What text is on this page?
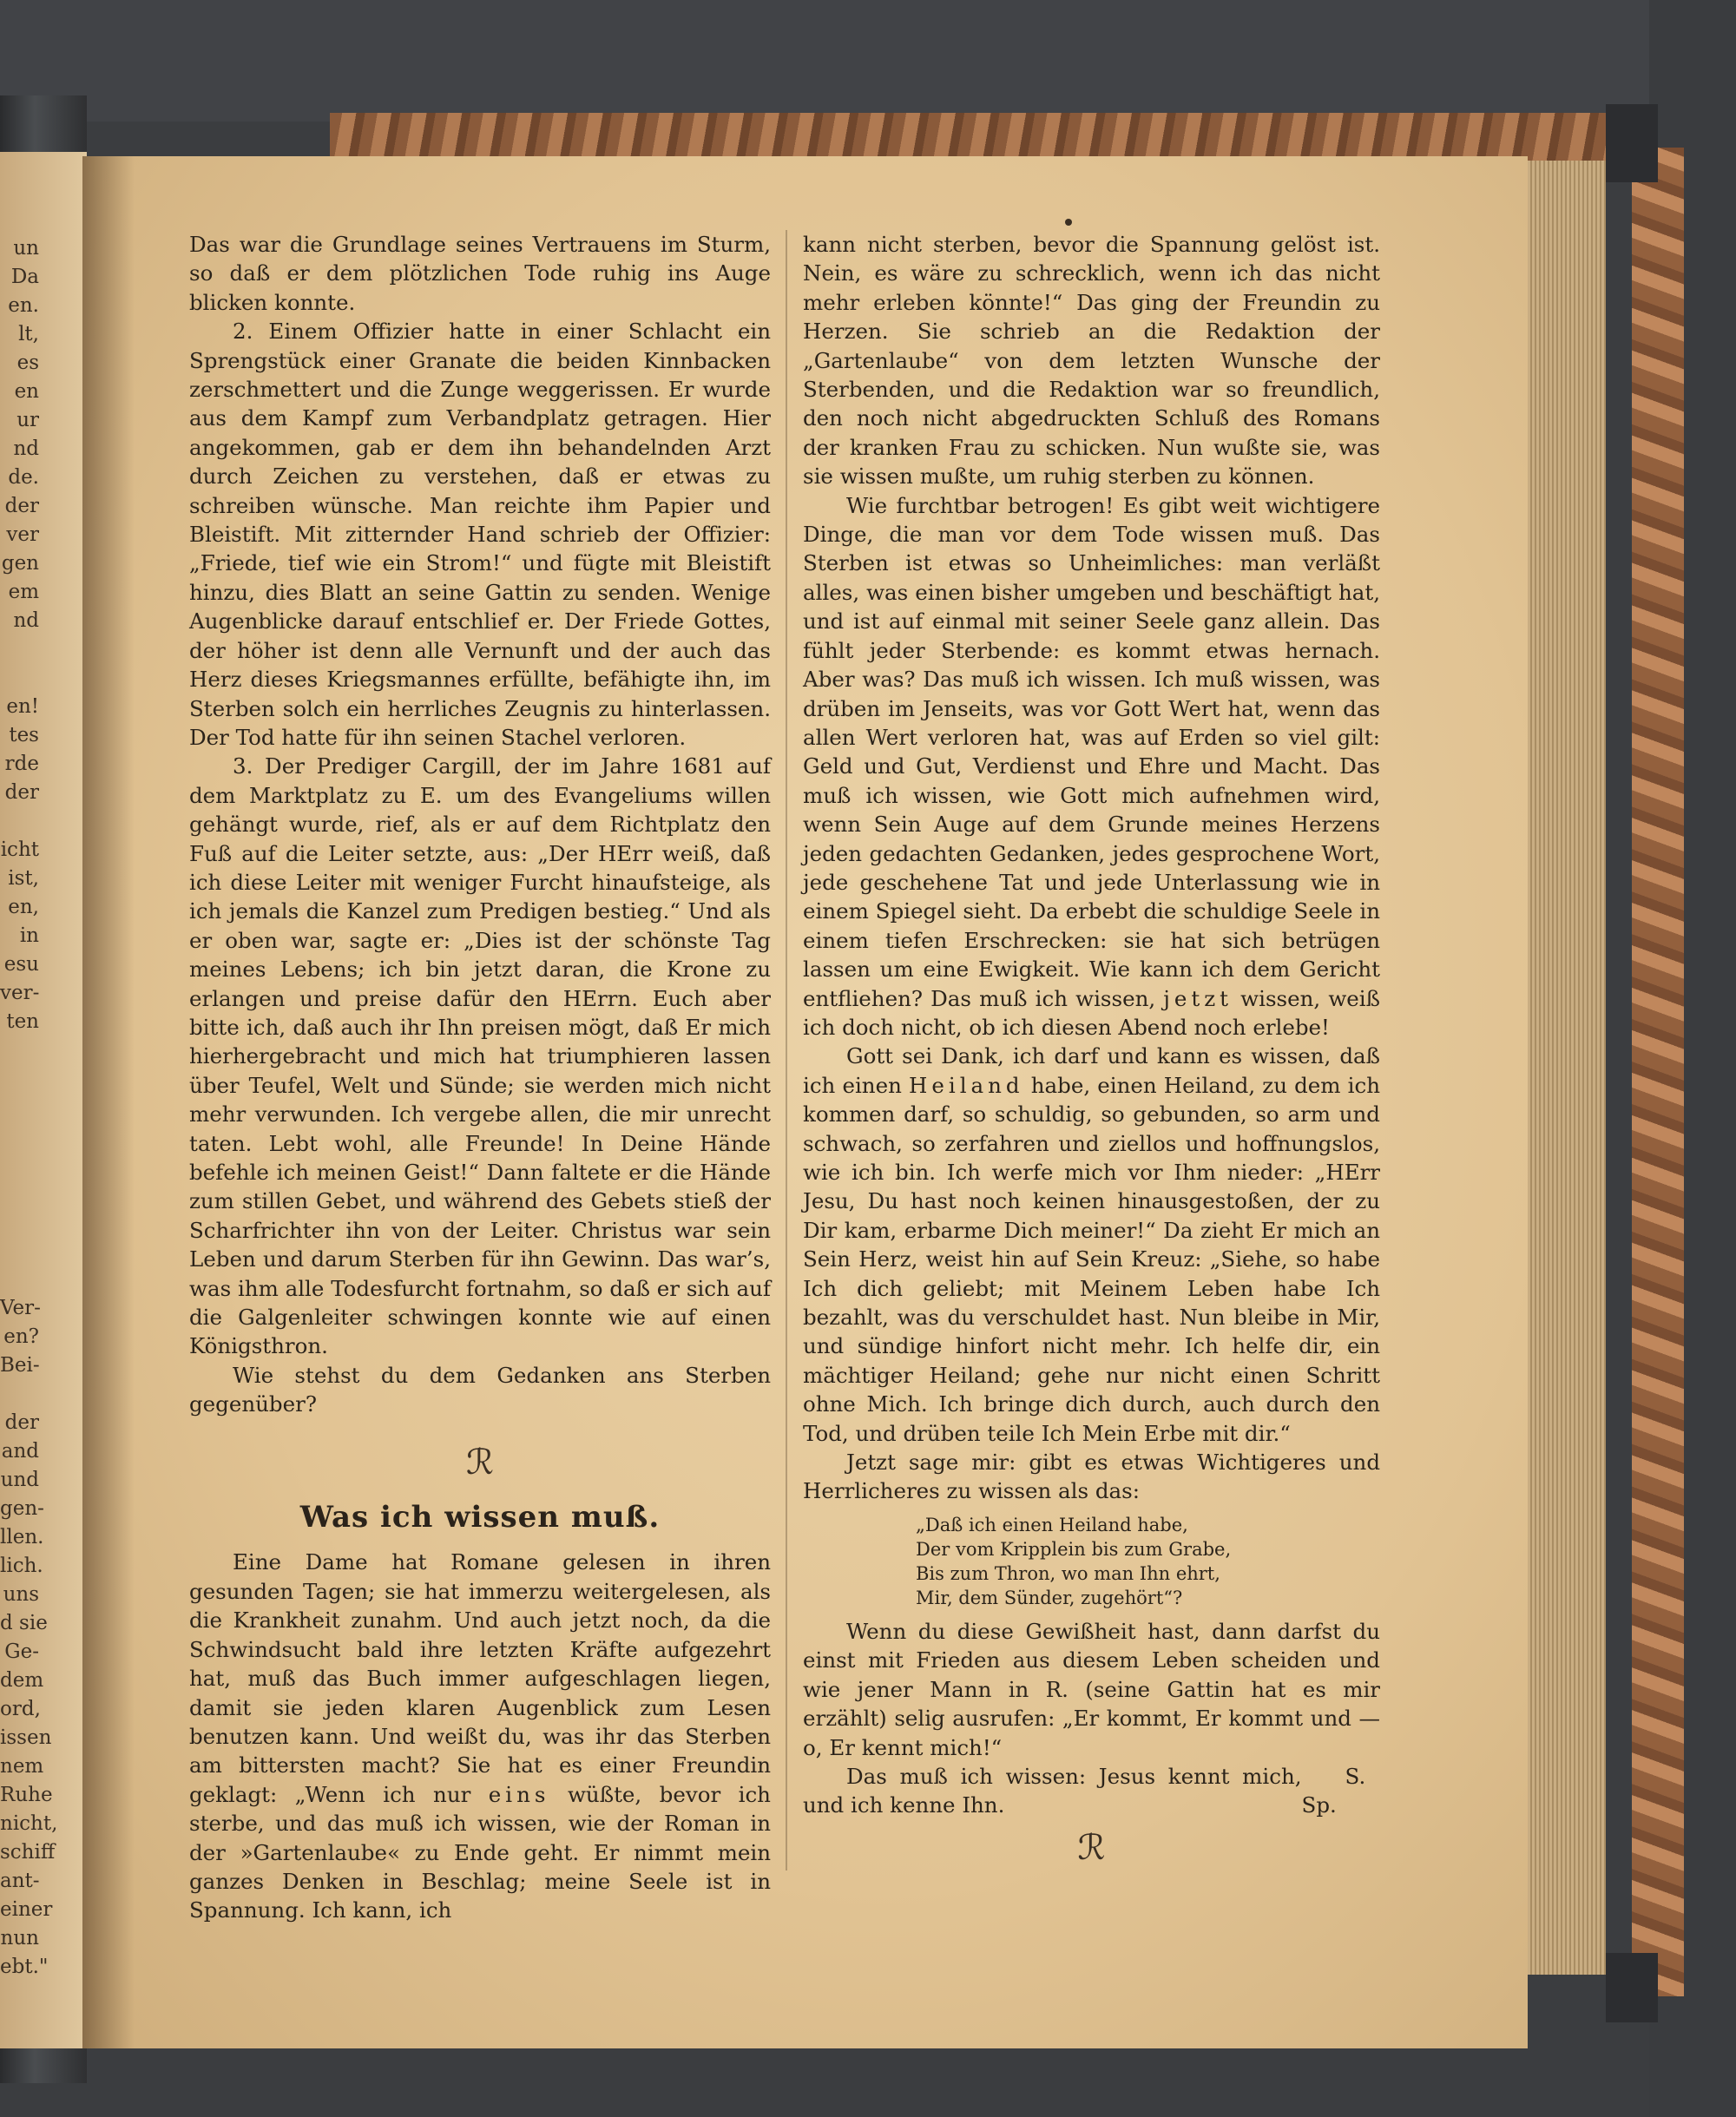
un
Da
en.
lt,
es
en
ur
nd
de.
der
ver
gen
em
nd
en!
tes
rde
der
icht
ist,
en,
in
esu
ver-
ten
Ver-
en?
Bei-
der
and
und
gen-
llen.
lich.
uns
d sie
Ge-
dem
ord,
issen
nem
Ruhe
nicht,
schiff
ant-
einer
nun
ebt."

Das war die Grundlage seines Vertrauens im Sturm, so daß er dem plötzlichen Tode ruhig ins Auge blicken konnte.

2. Einem Offizier hatte in einer Schlacht ein Sprengstück einer Granate die beiden Kinnbacken zerschmettert und die Zunge weggerissen. Er wurde aus dem Kampf zum Verbandplatz getragen. Hier angekommen, gab er dem ihn behandelnden Arzt durch Zeichen zu verstehen, daß er etwas zu schreiben wünsche. Man reichte ihm Papier und Bleistift. Mit zitternder Hand schrieb der Offizier: „Friede, tief wie ein Strom!“ und fügte mit Bleistift hinzu, dies Blatt an seine Gattin zu senden. Wenige Augenblicke darauf entschlief er. Der Friede Gottes, der höher ist denn alle Vernunft und der auch das Herz dieses Kriegsmannes erfüllte, befähigte ihn, im Sterben solch ein herrliches Zeugnis zu hinterlassen. Der Tod hatte für ihn seinen Stachel verloren.

3. Der Prediger Cargill, der im Jahre 1681 auf dem Marktplatz zu E. um des Evangeliums willen gehängt wurde, rief, als er auf dem Richtplatz den Fuß auf die Leiter setzte, aus: „Der HErr weiß, daß ich diese Leiter mit weniger Furcht hinaufsteige, als ich jemals die Kanzel zum Predigen bestieg.“ Und als er oben war, sagte er: „Dies ist der schönste Tag meines Lebens; ich bin jetzt daran, die Krone zu erlangen und preise dafür den HErrn. Euch aber bitte ich, daß auch ihr Ihn preisen mögt, daß Er mich hierhergebracht und mich hat triumphieren lassen über Teufel, Welt und Sünde; sie werden mich nicht mehr verwunden. Ich vergebe allen, die mir unrecht taten. Lebt wohl, alle Freunde! In Deine Hände befehle ich meinen Geist!“ Dann faltete er die Hände zum stillen Gebet, und während des Gebets stieß der Scharfrichter ihn von der Leiter. Christus war sein Leben und darum Sterben für ihn Gewinn. Das war’s, was ihm alle Todesfurcht fortnahm, so daß er sich auf die Galgenleiter schwingen konnte wie auf einen Königsthron.

Wie stehst du dem Gedanken ans Sterben gegenüber?

ℛ
Was ich wissen muß.

Eine Dame hat Romane gelesen in ihren gesunden Tagen; sie hat immerzu weitergelesen, als die Krankheit zunahm. Und auch jetzt noch, da die Schwindsucht bald ihre letzten Kräfte aufgezehrt hat, muß das Buch immer aufgeschlagen liegen, damit sie jeden klaren Augenblick zum Lesen benutzen kann. Und weißt du, was ihr das Sterben am bittersten macht? Sie hat es einer Freundin geklagt: „Wenn ich nur eins wüßte, bevor ich sterbe, und das muß ich wissen, wie der Roman in der »Gartenlaube« zu Ende geht. Er nimmt mein ganzes Denken in Beschlag; meine Seele ist in Spannung. Ich kann, ich

kann nicht sterben, bevor die Spannung gelöst ist. Nein, es wäre zu schrecklich, wenn ich das nicht mehr erleben könnte!“ Das ging der Freundin zu Herzen. Sie schrieb an die Redaktion der „Gartenlaube“ von dem letzten Wunsche der Sterbenden, und die Redaktion war so freundlich, den noch nicht abgedruckten Schluß des Romans der kranken Frau zu schicken. Nun wußte sie, was sie wissen mußte, um ruhig sterben zu können.

Wie furchtbar betrogen! Es gibt weit wichtigere Dinge, die man vor dem Tode wissen muß. Das Sterben ist etwas so Unheimliches: man verläßt alles, was einen bisher umgeben und beschäftigt hat, und ist auf einmal mit seiner Seele ganz allein. Das fühlt jeder Sterbende: es kommt etwas hernach. Aber was? Das muß ich wissen. Ich muß wissen, was drüben im Jenseits, was vor Gott Wert hat, wenn das allen Wert verloren hat, was auf Erden so viel gilt: Geld und Gut, Verdienst und Ehre und Macht. Das muß ich wissen, wie Gott mich aufnehmen wird, wenn Sein Auge auf dem Grunde meines Herzens jeden gedachten Gedanken, jedes gesprochene Wort, jede geschehene Tat und jede Unterlassung wie in einem Spiegel sieht. Da erbebt die schuldige Seele in einem tiefen Erschrecken: sie hat sich betrügen lassen um eine Ewigkeit. Wie kann ich dem Gericht entfliehen? Das muß ich wissen, jetzt wissen, weiß ich doch nicht, ob ich diesen Abend noch erlebe!

Gott sei Dank, ich darf und kann es wissen, daß ich einen Heiland habe, einen Heiland, zu dem ich kommen darf, so schuldig, so gebunden, so arm und schwach, so zerfahren und ziellos und hoffnungslos, wie ich bin. Ich werfe mich vor Ihm nieder: „HErr Jesu, Du hast noch keinen hinausgestoßen, der zu Dir kam, erbarme Dich meiner!“ Da zieht Er mich an Sein Herz, weist hin auf Sein Kreuz: „Siehe, so habe Ich dich geliebt; mit Meinem Leben habe Ich bezahlt, was du verschuldet hast. Nun bleibe in Mir, und sündige hinfort nicht mehr. Ich helfe dir, ein mächtiger Heiland; gehe nur nicht einen Schritt ohne Mich. Ich bringe dich durch, auch durch den Tod, und drüben teile Ich Mein Erbe mit dir.“

Jetzt sage mir: gibt es etwas Wichtigeres und Herrlicheres zu wissen als das:

„Daß ich einen Heiland habe,
Der vom Kripplein bis zum Grabe,
Bis zum Thron, wo man Ihn ehrt,
Mir, dem Sünder, zugehört“?

Wenn du diese Gewißheit hast, dann darfst du einst mit Frieden aus diesem Leben scheiden und wie jener Mann in R. (seine Gattin hat es mir erzählt) selig ausrufen: „Er kommt, Er kommt und — o, Er kennt mich!“

Das muß ich wissen: Jesus kennt mich, und ich kenne Ihn.
S. Sp.
ℛ
